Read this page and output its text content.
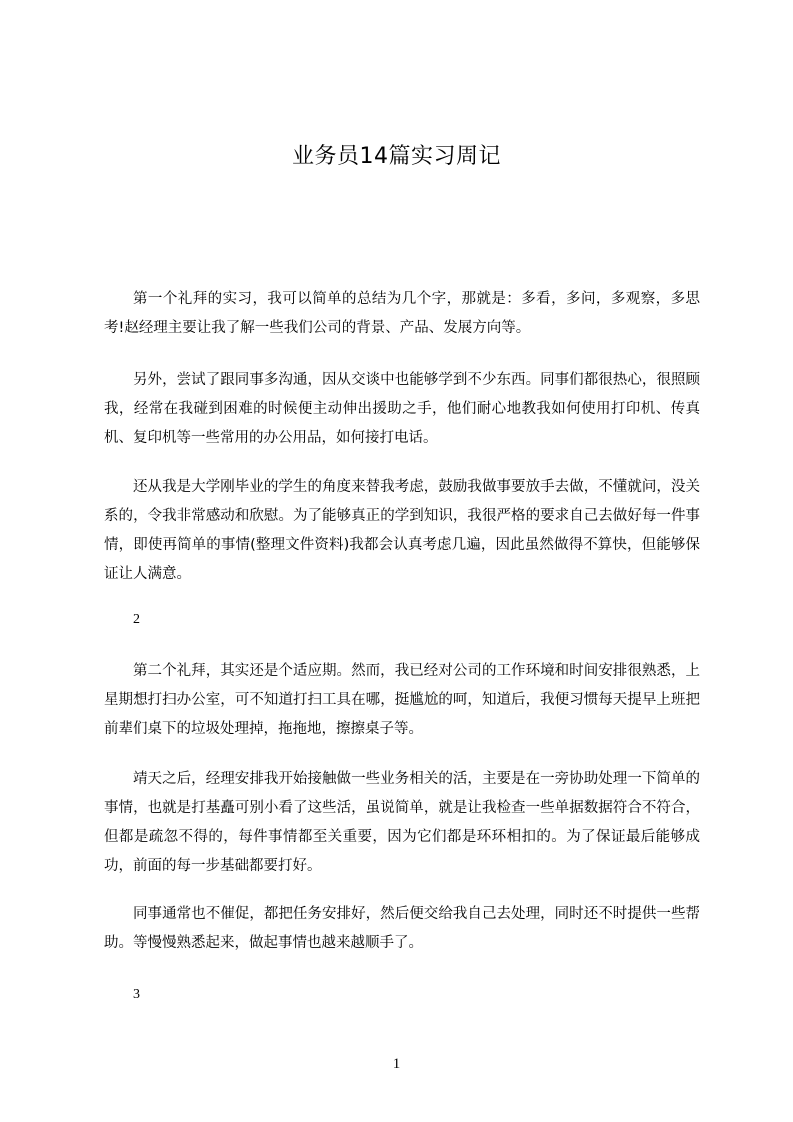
业务员14篇实习周记

第一个礼拜的实习，我可以简单的总结为几个字，那就是：多看，多问，多观察，多思考!赵经理主要让我了解一些我们公司的背景、产品、发展方向等。

另外，尝试了跟同事多沟通，因从交谈中也能够学到不少东西。同事们都很热心，很照顾我，经常在我碰到困难的时候便主动伸出援助之手，他们耐心地教我如何使用打印机、传真机、复印机等一些常用的办公用品，如何接打电话。

还从我是大学刚毕业的学生的角度来替我考虑，鼓励我做事要放手去做，不懂就问，没关系的，令我非常感动和欣慰。为了能够真正的学到知识，我很严格的要求自己去做好每一件事情，即使再简单的事情(整理文件资料)我都会认真考虑几遍，因此虽然做得不算快，但能够保证让人满意。

2

第二个礼拜，其实还是个适应期。然而，我已经对公司的工作环境和时间安排很熟悉，上星期想打扫办公室，可不知道打扫工具在哪，挺尴尬的呵，知道后，我便习惯每天提早上班把前辈们桌下的垃圾处理掉，拖拖地，擦擦桌子等。

靖天之后，经理安排我开始接触做一些业务相关的活，主要是在一旁协助处理一下简单的事情，也就是打基矗可别小看了这些活，虽说简单，就是让我检查一些单据数据符合不符合，但都是疏忽不得的，每件事情都至关重要，因为它们都是环环相扣的。为了保证最后能够成功，前面的每一步基础都要打好。

同事通常也不催促，都把任务安排好，然后便交给我自己去处理，同时还不时提供一些帮助。等慢慢熟悉起来，做起事情也越来越顺手了。

3
1
